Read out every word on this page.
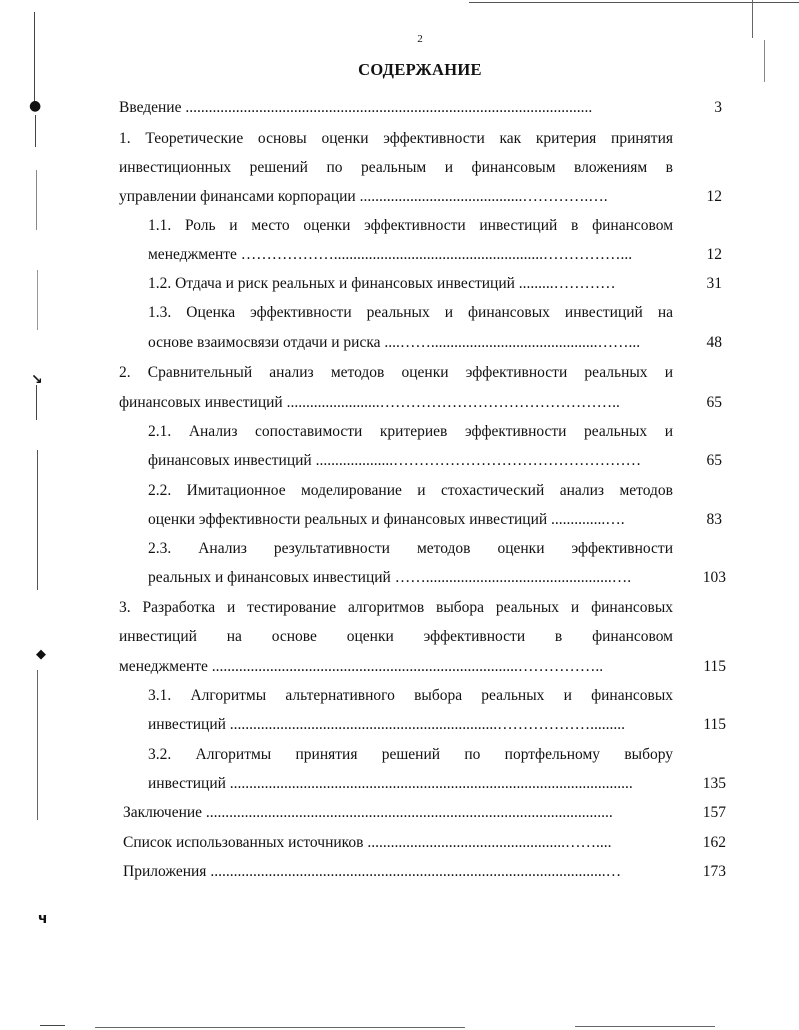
●
↘
◆
ч
2
СОДЕРЖАНИЕ
Введение .........................................................................................................	3
1. Теоретические основы оценки эффективности как критерия принятия
инвестиционных решений по реальным и финансовым вложениям в
управлении финансами корпорации ..........................................………….….	12
1.1. Роль и место оценки эффективности инвестиций в финансовом
менеджменте ………………......................................................……………...	12
1.2. Отдача и риск реальных и финансовых инвестиций .........…………	31
1.3. Оценка эффективности реальных и финансовых инвестиций на
основе взаимосвязи отдачи и риска ....……...........................................……...	48
2. Сравнительный анализ методов оценки эффективности реальных и
финансовых инвестиций ........................………………………………………..	65
2.1. Анализ сопоставимости критериев эффективности реальных и
финансовых инвестиций ....................…………………………………………	65
2.2. Имитационное моделирование и стохастический анализ методов
оценки эффективности реальных и финансовых инвестиций ..............….	83
2.3. Анализ результативности методов оценки эффективности
реальных и финансовых инвестиций ……................................................….	103
3. Разработка и тестирование алгоритмов выбора реальных и финансовых
инвестиций на основе оценки эффективности в финансовом
менеджменте ...............................................................................……………..	115
3.1. Алгоритмы альтернативного выбора реальных и финансовых
инвестиций .....................................................................……………….........	115
3.2. Алгоритмы принятия решений по портфельному выбору
инвестиций ........................................................................................................	135
Заключение .........................................................................................................	157
Список использованных источников ...................................................……....	162
Приложения ......................................................................................................…	173
